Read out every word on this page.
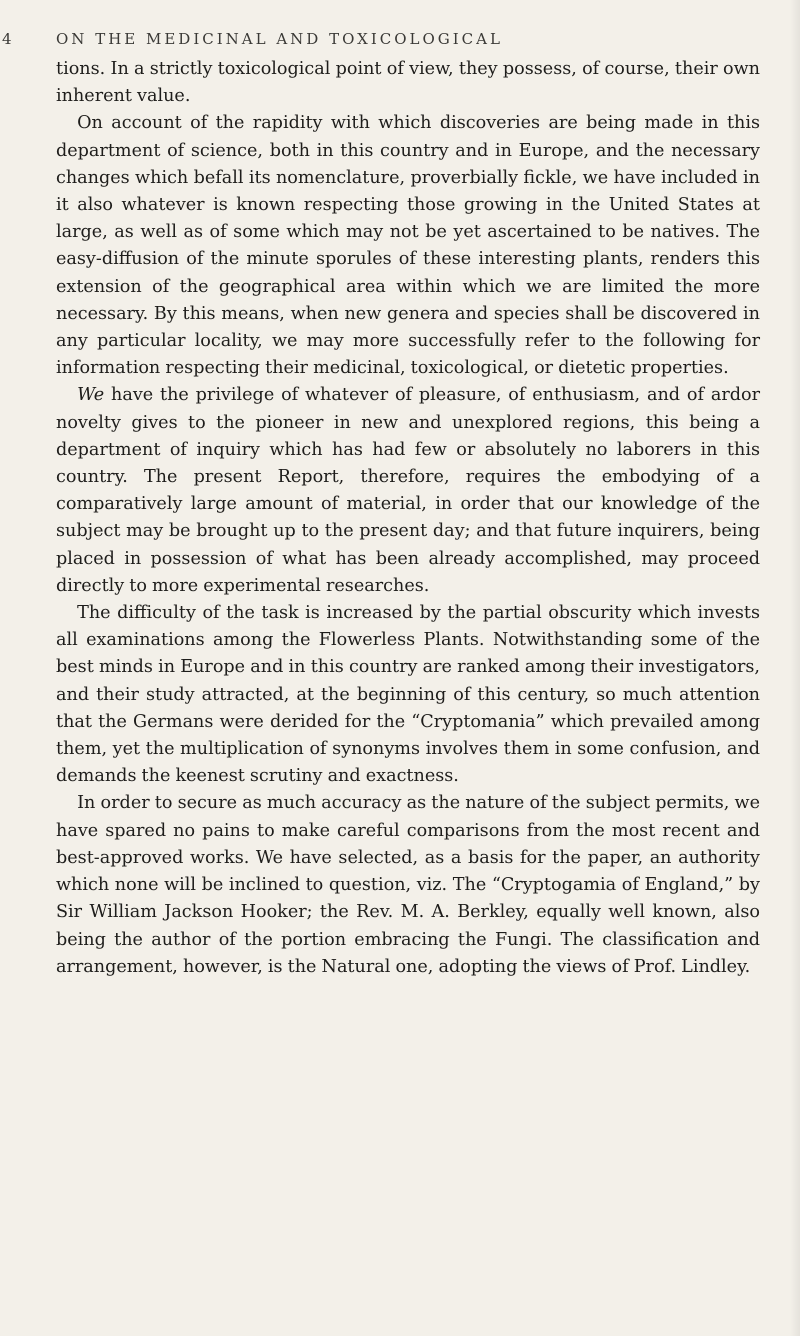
4	ON THE MEDICINAL AND TOXICOLOGICAL

tions. In a strictly toxicological point of view, they possess, of course, their own inherent value.

On account of the rapidity with which discoveries are being made in this department of science, both in this country and in Europe, and the necessary changes which befall its nomenclature, proverbially fickle, we have included in it also whatever is known respecting those growing in the United States at large, as well as of some which may not be yet ascertained to be natives. The easy-diffusion of the minute sporules of these interesting plants, renders this extension of the geographical area within which we are limited the more necessary. By this means, when new genera and species shall be discovered in any particular locality, we may more successfully refer to the following for information respecting their medicinal, toxicological, or dietetic properties.

We have the privilege of whatever of pleasure, of enthusiasm, and of ardor novelty gives to the pioneer in new and unexplored regions, this being a department of inquiry which has had few or absolutely no laborers in this country. The present Report, therefore, requires the embodying of a comparatively large amount of material, in order that our knowledge of the subject may be brought up to the present day; and that future inquirers, being placed in possession of what has been already accomplished, may proceed directly to more experimental researches.

The difficulty of the task is increased by the partial obscurity which invests all examinations among the Flowerless Plants. Notwithstanding some of the best minds in Europe and in this country are ranked among their investigators, and their study attracted, at the beginning of this century, so much attention that the Germans were derided for the “Cryptomania” which prevailed among them, yet the multiplication of synonyms involves them in some confusion, and demands the keenest scrutiny and exactness.

In order to secure as much accuracy as the nature of the subject permits, we have spared no pains to make careful comparisons from the most recent and best-approved works. We have selected, as a basis for the paper, an authority which none will be inclined to question, viz. The “Cryptogamia of England,” by Sir William Jackson Hooker; the Rev. M. A. Berkley, equally well known, also being the author of the portion embracing the Fungi. The classification and arrangement, however, is the Natural one, adopting the views of Prof. Lindley.
